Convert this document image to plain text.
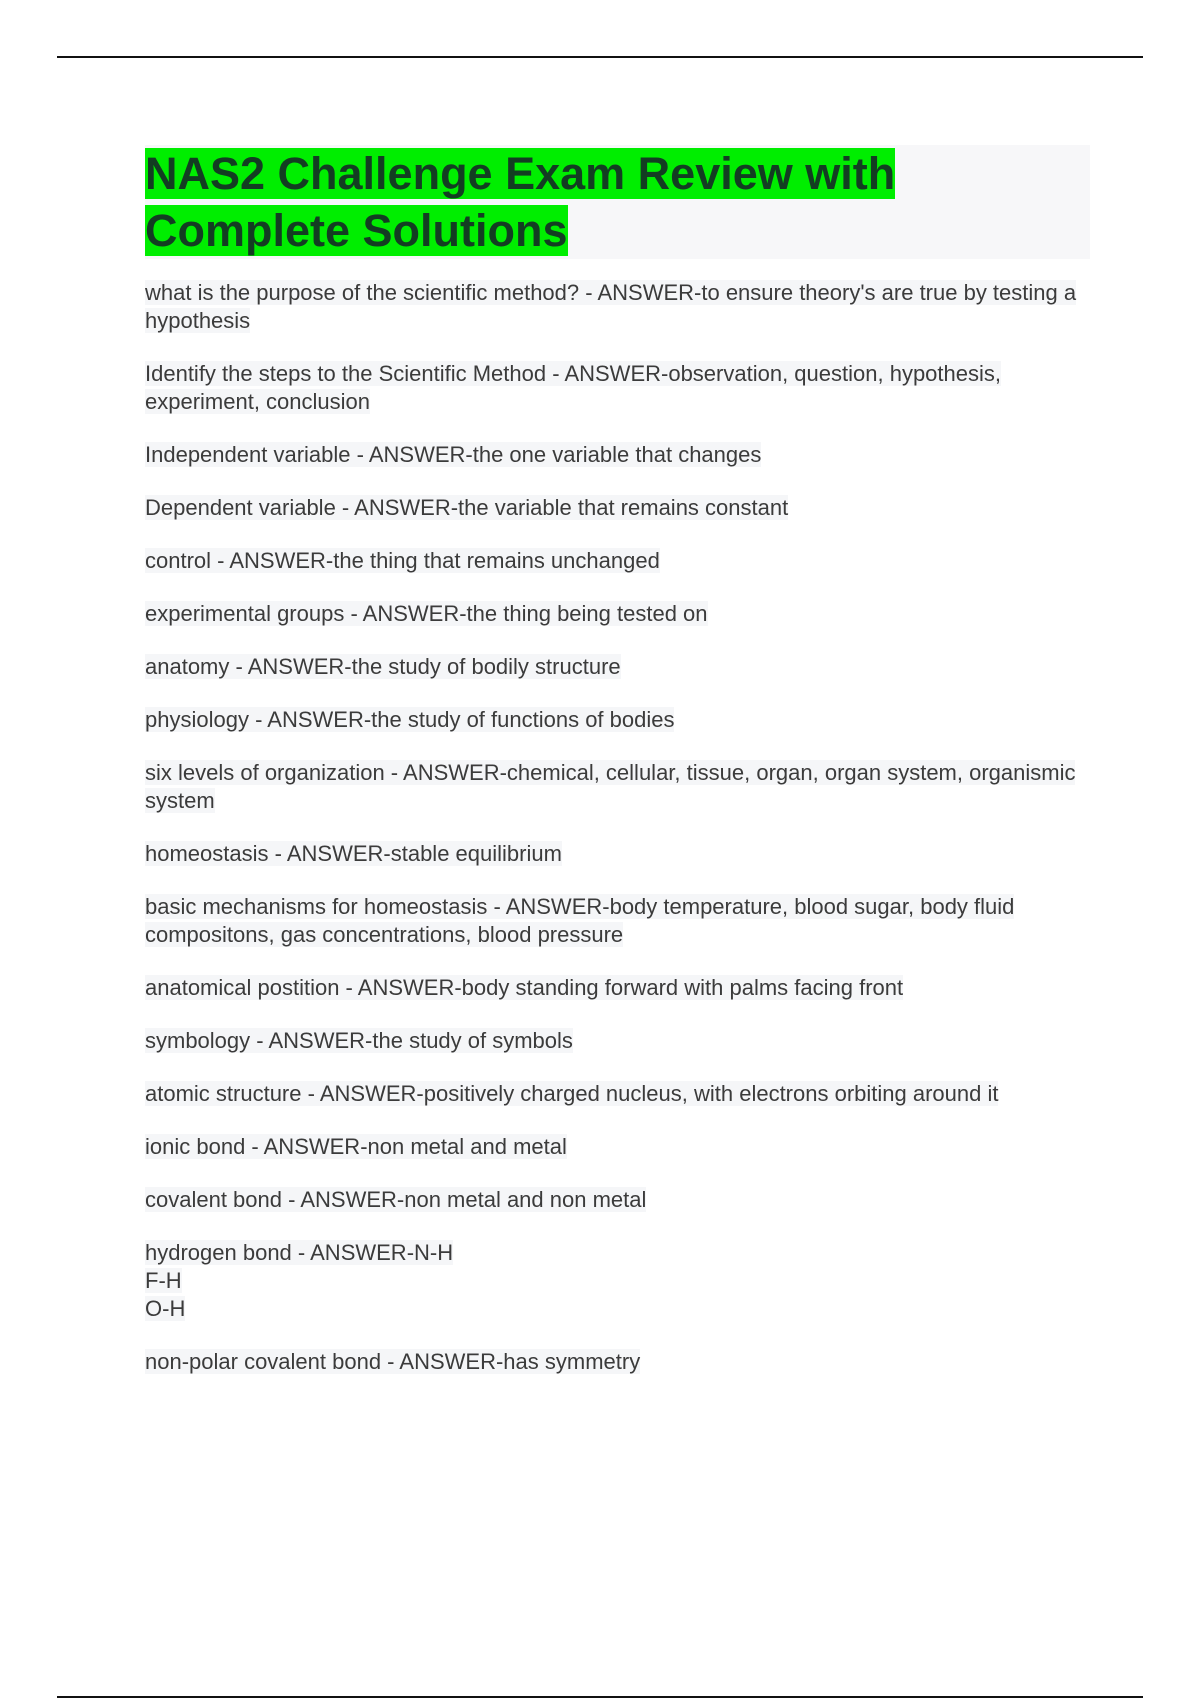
NAS2 Challenge Exam Review with
Complete Solutions

what is the purpose of the scientific method? - ANSWER-to ensure theory's are true by testing a hypothesis

Identify the steps to the Scientific Method - ANSWER-observation, question, hypothesis, experiment, conclusion

Independent variable - ANSWER-the one variable that changes

Dependent variable - ANSWER-the variable that remains constant

control - ANSWER-the thing that remains unchanged

experimental groups - ANSWER-the thing being tested on

anatomy - ANSWER-the study of bodily structure

physiology - ANSWER-the study of functions of bodies

six levels of organization - ANSWER-chemical, cellular, tissue, organ, organ system, organismic system

homeostasis - ANSWER-stable equilibrium

basic mechanisms for homeostasis - ANSWER-body temperature, blood sugar, body fluid compositons, gas concentrations, blood pressure

anatomical postition - ANSWER-body standing forward with palms facing front

symbology - ANSWER-the study of symbols

atomic structure - ANSWER-positively charged nucleus, with electrons orbiting around it

ionic bond - ANSWER-non metal and metal

covalent bond - ANSWER-non metal and non metal

hydrogen bond - ANSWER-N-H
F-H
O-H

non-polar covalent bond - ANSWER-has symmetry
